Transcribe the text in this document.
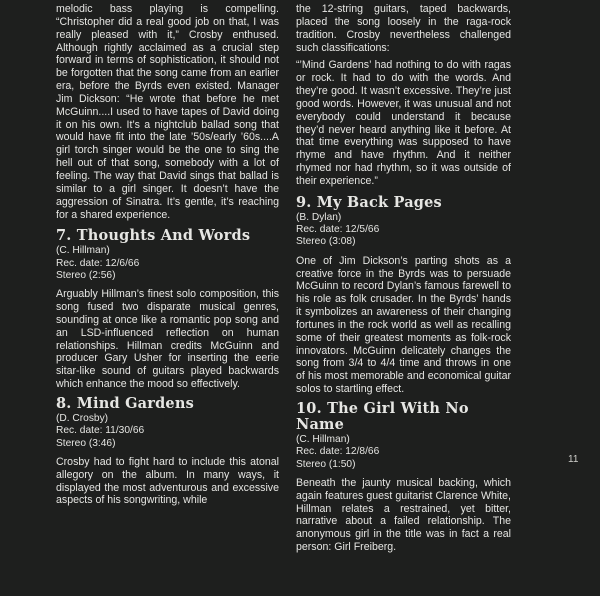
melodic bass playing is compelling. “Christopher did a real good job on that, I was really pleased with it,” Crosby enthused. Although rightly acclaimed as a crucial step forward in terms of sophistication, it should not be forgotten that the song came from an earlier era, before the Byrds even existed. Manager Jim Dickson: “He wrote that before he met McGuinn....I used to have tapes of David doing it on his own. It’s a nightclub ballad song that would have fit into the late ’50s/early ’60s....A girl torch singer would be the one to sing the hell out of that song, somebody with a lot of feeling. The way that David sings that ballad is similar to a girl singer. It doesn’t have the aggression of Sinatra. It’s gentle, it’s reaching for a shared experience.

7. Thoughts And Words
(C. Hillman)
Rec. date: 12/6/66
Stereo (2:56)

Arguably Hillman’s finest solo composition, this song fused two disparate musical genres, sounding at once like a romantic pop song and an LSD-influenced reflection on human relationships. Hillman credits McGuinn and producer Gary Usher for inserting the eerie sitar-like sound of guitars played backwards which enhance the mood so effectively.

8. Mind Gardens
(D. Crosby)
Rec. date: 11/30/66
Stereo (3:46)

Crosby had to fight hard to include this atonal allegory on the album. In many ways, it displayed the most adventurous and excessive aspects of his songwriting, while

the 12-string guitars, taped backwards, placed the song loosely in the raga-rock tradition. Crosby nevertheless challenged such classifications:

“’Mind Gardens’ had nothing to do with ragas or rock. It had to do with the words. And they’re good. It wasn’t excessive. They’re just good words. However, it was unusual and not everybody could understand it because they’d never heard anything like it before. At that time everything was supposed to have rhyme and have rhythm. And it neither rhymed nor had rhythm, so it was outside of their experience.”

9. My Back Pages
(B. Dylan)
Rec. date: 12/5/66
Stereo (3:08)

One of Jim Dickson’s parting shots as a creative force in the Byrds was to persuade McGuinn to record Dylan’s famous farewell to his role as folk crusader. In the Byrds’ hands it symbolizes an awareness of their changing fortunes in the rock world as well as recalling some of their greatest moments as folk-rock innovators. McGuinn delicately changes the song from 3/4 to 4/4 time and throws in one of his most memorable and economical guitar solos to startling effect.

10. The Girl With No Name
(C. Hillman)
Rec. date: 12/8/66
Stereo (1:50)

Beneath the jaunty musical backing, which again features guest guitarist Clarence White, Hillman relates a restrained, yet bitter, narrative about a failed relationship. The anonymous girl in the title was in fact a real person: Girl Freiberg.

11
